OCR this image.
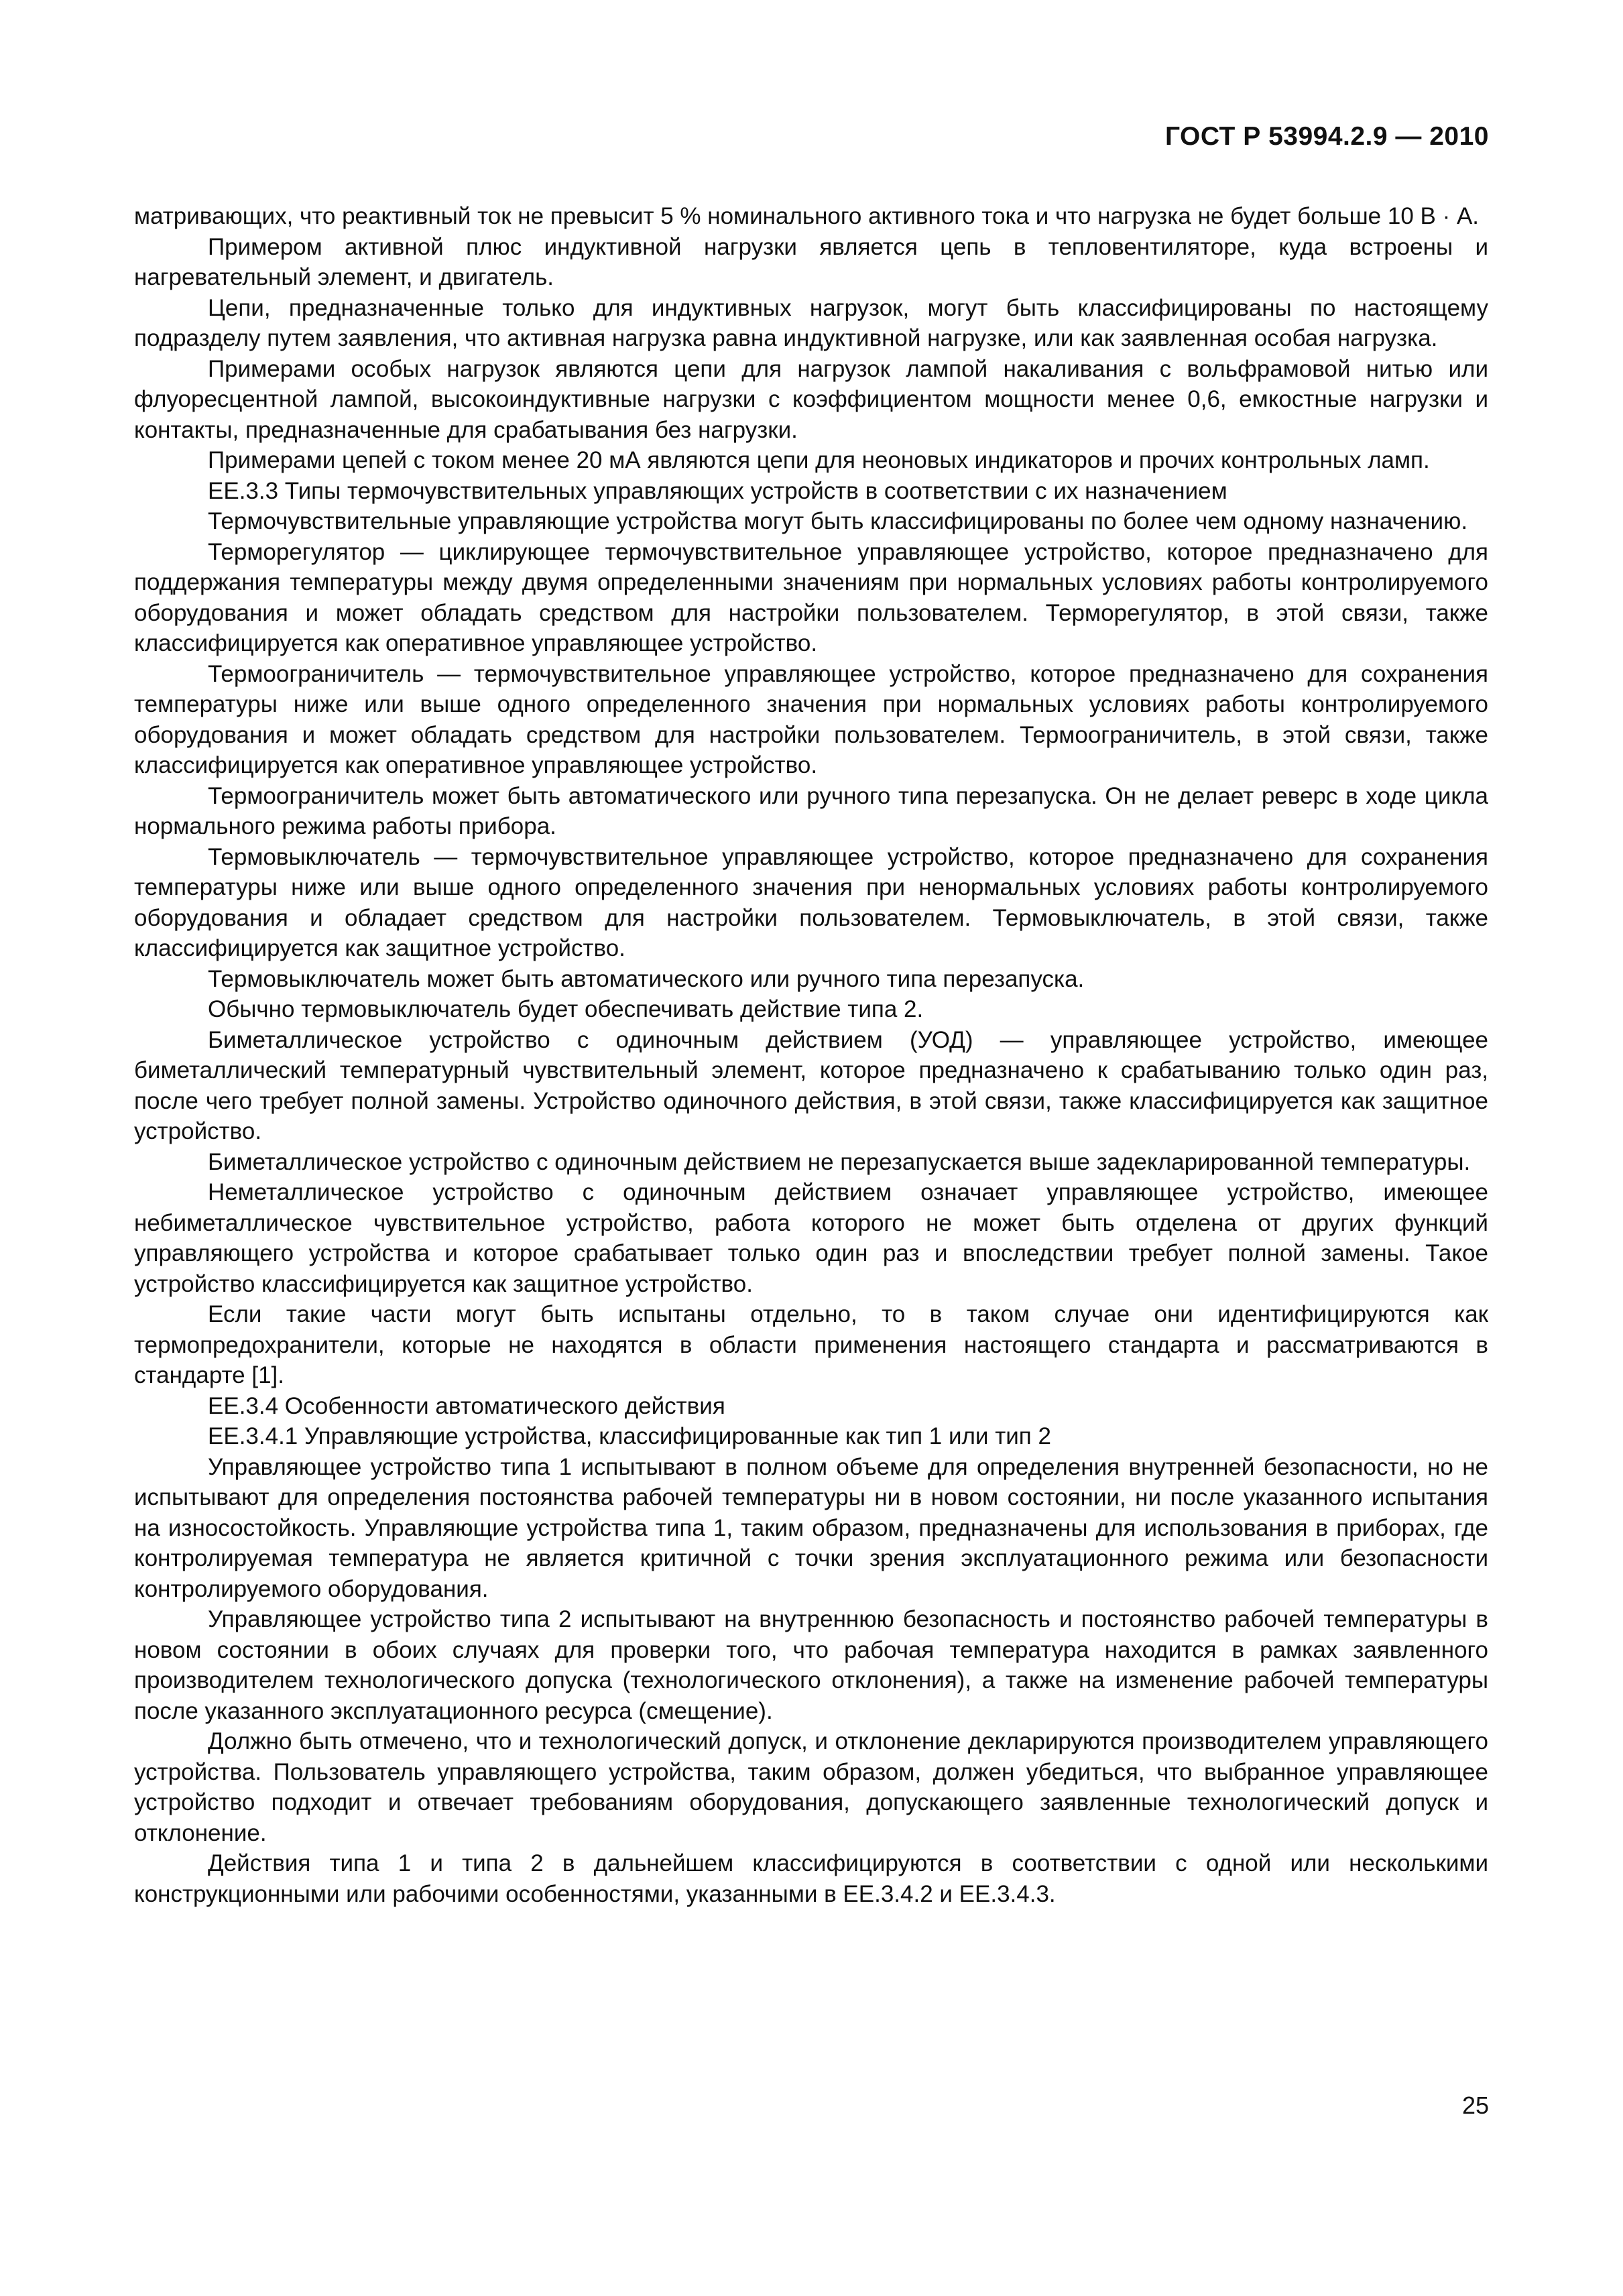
ГОСТ Р 53994.2.9 — 2010

матривающих, что реактивный ток не превысит 5 % номинального активного тока и что нагрузка не будет больше 10 В · А.

Примером активной плюс индуктивной нагрузки является цепь в тепловентиляторе, куда встроены и нагревательный элемент, и двигатель.

Цепи, предназначенные только для индуктивных нагрузок, могут быть классифицированы по настоящему подразделу путем заявления, что активная нагрузка равна индуктивной нагрузке, или как заявленная особая нагрузка.

Примерами особых нагрузок являются цепи для нагрузок лампой накаливания с вольфрамовой нитью или флуоресцентной лампой, высокоиндуктивные нагрузки с коэффициентом мощности менее 0,6, емкостные нагрузки и контакты, предназначенные для срабатывания без нагрузки.

Примерами цепей с током менее 20 мА являются цепи для неоновых индикаторов и прочих контрольных ламп.

ЕЕ.3.3 Типы термочувствительных управляющих устройств в соответствии с их назначением

Термочувствительные управляющие устройства могут быть классифицированы по более чем одному назначению.

Терморегулятор — циклирующее термочувствительное управляющее устройство, которое предназначено для поддержания температуры между двумя определенными значениям при нормальных условиях работы контролируемого оборудования и может обладать средством для настройки пользователем. Терморегулятор, в этой связи, также классифицируется как оперативное управляющее устройство.

Термоограничитель — термочувствительное управляющее устройство, которое предназначено для сохранения температуры ниже или выше одного определенного значения при нормальных условиях работы контролируемого оборудования и может обладать средством для настройки пользователем. Термоограничитель, в этой связи, также классифицируется как оперативное управляющее устройство.

Термоограничитель может быть автоматического или ручного типа перезапуска. Он не делает реверс в ходе цикла нормального режима работы прибора.

Термовыключатель — термочувствительное управляющее устройство, которое предназначено для сохранения температуры ниже или выше одного определенного значения при ненормальных условиях работы контролируемого оборудования и обладает средством для настройки пользователем. Термовыключатель, в этой связи, также классифицируется как защитное устройство.

Термовыключатель может быть автоматического или ручного типа перезапуска.

Обычно термовыключатель будет обеспечивать действие типа 2.

Биметаллическое устройство с одиночным действием (УОД) — управляющее устройство, имеющее биметаллический температурный чувствительный элемент, которое предназначено к срабатыванию только один раз, после чего требует полной замены. Устройство одиночного действия, в этой связи, также классифицируется как защитное устройство.

Биметаллическое устройство с одиночным действием не перезапускается выше задекларированной температуры.

Неметаллическое устройство с одиночным действием означает управляющее устройство, имеющее небиметаллическое чувствительное устройство, работа которого не может быть отделена от других функций управляющего устройства и которое срабатывает только один раз и впоследствии требует полной замены. Такое устройство классифицируется как защитное устройство.

Если такие части могут быть испытаны отдельно, то в таком случае они идентифицируются как термопредохранители, которые не находятся в области применения настоящего стандарта и рассматриваются в стандарте [1].

ЕЕ.3.4 Особенности автоматического действия

ЕЕ.3.4.1 Управляющие устройства, классифицированные как тип 1 или тип 2

Управляющее устройство типа 1 испытывают в полном объеме для определения внутренней безопасности, но не испытывают для определения постоянства рабочей температуры ни в новом состоянии, ни после указанного испытания на износостойкость. Управляющие устройства типа 1, таким образом, предназначены для использования в приборах, где контролируемая температура не является критичной с точки зрения эксплуатационного режима или безопасности контролируемого оборудования.

Управляющее устройство типа 2 испытывают на внутреннюю безопасность и постоянство рабочей температуры в новом состоянии в обоих случаях для проверки того, что рабочая температура находится в рамках заявленного производителем технологического допуска (технологического отклонения), а также на изменение рабочей температуры после указанного эксплуатационного ресурса (смещение).

Должно быть отмечено, что и технологический допуск, и отклонение декларируются производителем управляющего устройства. Пользователь управляющего устройства, таким образом, должен убедиться, что выбранное управляющее устройство подходит и отвечает требованиям оборудования, допускающего заявленные технологический допуск и отклонение.

Действия типа 1 и типа 2 в дальнейшем классифицируются в соответствии с одной или несколькими конструкционными или рабочими особенностями, указанными в ЕЕ.3.4.2 и ЕЕ.3.4.3.

25
